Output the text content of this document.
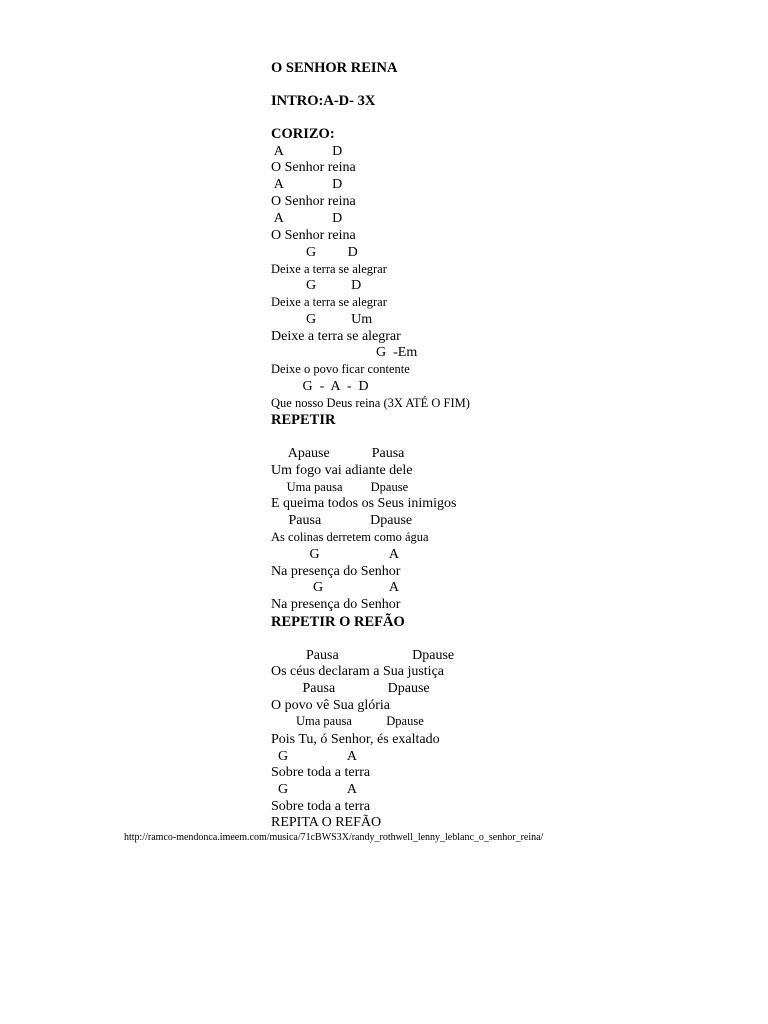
O SENHOR REINA
INTRO:A-D- 3X
CORIZO:
A              D
O Senhor reina
A              D
O Senhor reina
A              D
O Senhor reina
G         D
Deixe a terra se alegrar
G          D
Deixe a terra se alegrar
G          Um
Deixe a terra se alegrar
G  -Em
Deixe o povo ficar contente
G  -  A  -  D
Que nosso Deus reina (3X ATÉ O FIM)
REPETIR
Apause            Pausa
Um fogo vai adiante dele
Uma pausa         Dpause
E queima todos os Seus inimigos
Pausa              Dpause
As colinas derretem como água
G                    A
Na presença do Senhor
G                   A
Na presença do Senhor
REPETIR O REFÃO
Pausa                     Dpause
Os céus declaram a Sua justiça
Pausa               Dpause
O povo vê Sua glória
Uma pausa           Dpause
Pois Tu, ó Senhor, és exaltado
G                 A
Sobre toda a terra
G                 A
Sobre toda a terra
REPITA O REFÃO
http://ramco-mendonca.imeem.com/musica/71cBWS3X/randy_rothwell_lenny_leblanc_o_senhor_reina/
